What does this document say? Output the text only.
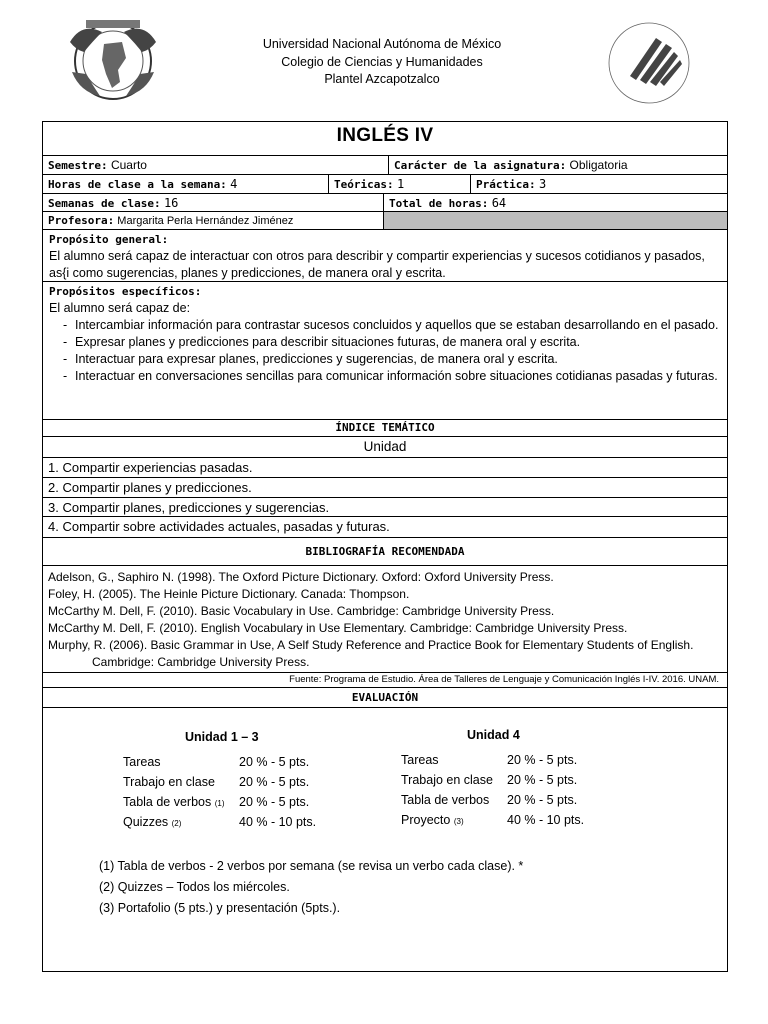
Universidad Nacional Autónoma de México
Colegio de Ciencias y Humanidades
Plantel Azcapotzalco
INGLÉS IV
Semestre: Cuarto	Carácter de la asignatura: Obligatoria
Horas de clase a la semana: 4	Teóricas: 1	Práctica: 3
Semanas de clase: 16	Total de horas: 64
Profesora: Margarita Perla Hernández Jiménez
Propósito general:
El alumno será capaz de interactuar con otros para describir y compartir experiencias y sucesos cotidianos y pasados, as{i como sugerencias, planes y predicciones, de manera oral y escrita.
Propósitos específicos:
El alumno será capaz de:
- Intercambiar información para contrastar sucesos concluidos y aquellos que se estaban desarrollando en el pasado.
- Expresar planes y predicciones para describir situaciones futuras, de manera oral y escrita.
- Interactuar para expresar planes, predicciones y sugerencias, de manera oral y escrita.
- Interactuar en conversaciones sencillas para comunicar información sobre situaciones cotidianas pasadas y futuras.
ÍNDICE TEMÁTICO
Unidad
1. Compartir experiencias pasadas.
2. Compartir planes y predicciones.
3. Compartir planes, predicciones y sugerencias.
4. Compartir sobre actividades actuales, pasadas y futuras.
BIBLIOGRAFÍA RECOMENDADA

Adelson, G., Saphiro N. (1998). The Oxford Picture Dictionary. Oxford: Oxford University Press.

Foley, H. (2005). The Heinle Picture Dictionary. Canada: Thompson.

McCarthy M. Dell, F. (2010). Basic Vocabulary in Use. Cambridge: Cambridge University Press.

McCarthy M. Dell, F. (2010). English Vocabulary in Use Elementary. Cambridge: Cambridge University Press.

Murphy, R. (2006). Basic Grammar in Use, A Self Study Reference and Practice Book for Elementary Students of English.

Cambridge: Cambridge University Press.

Fuente: Programa de Estudio. Área de Talleres de Lenguaje y Comunicación Inglés I-IV. 2016. UNAM.
EVALUACIÓN
Unidad 1 – 3
Tareas	20 % - 5 pts.
Trabajo en clase	20 % - 5 pts.
Tabla de verbos (1)	20 % - 5 pts.
Quizzes (2)	40 % - 10 pts.
Unidad 4
Tareas	20 % - 5 pts.
Trabajo en clase	20 % - 5 pts.
Tabla de verbos	20 % - 5 pts.
Proyecto (3)	40 % - 10 pts.

(1) Tabla de verbos - 2 verbos por semana (se revisa un verbo cada clase). *

(2) Quizzes – Todos los miércoles.

(3) Portafolio (5 pts.) y presentación (5pts.).
